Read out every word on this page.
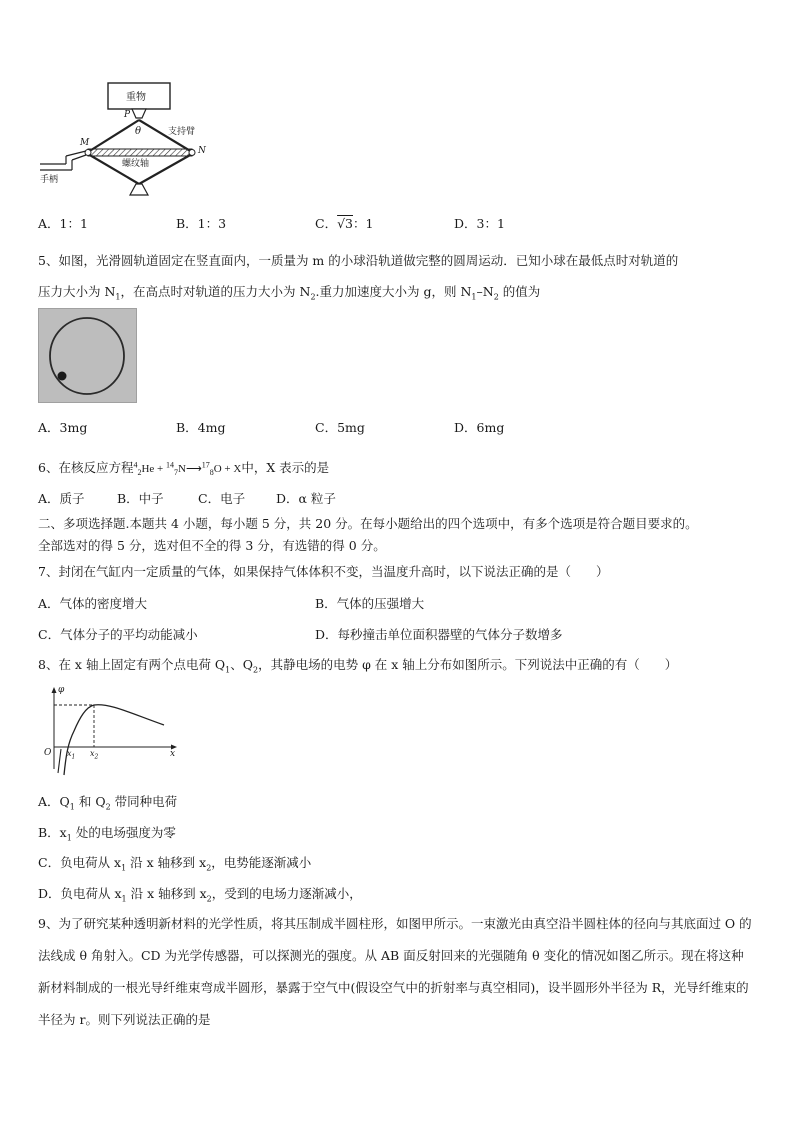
重物
P
θ	支持臂
M
N
螺纹轴
手柄
A．1：1	B．1：3	C．√3：1	D．3：1
5、如图，光滑圆轨道固定在竖直面内，一质量为 m 的小球沿轨道做完整的圆周运动．已知小球在最低点时对轨道的
压力大小为 $N_1$，在高点时对轨道的压力大小为 $N_2$.重力加速度大小为 g，则 $N_1-N_2$ 的值为
A．3mg	B．4mg	C．5mg	D．6mg
6、在核反应方程$^4_2$He + $^{14}_7$N⟶$^{17}_8$O + X中，X 表示的是
A．质子	B．中子	C．电子 D．α 粒子
二、多项选择题.本题共 4 小题，每小题 5 分，共 20 分。在每小题给出的四个选项中，有多个选项是符合题目要求的。
全部选对的得 5 分，选对但不全的得 3 分，有选错的得 0 分。
7、封闭在气缸内一定质量的气体，如果保持气体体积不变，当温度升高时，以下说法正确的是（　　）
A．气体的密度增大	B．气体的压强增大
C．气体分子的平均动能减小	D．每秒撞击单位面积器壁的气体分子数增多
8、在 x 轴上固定有两个点电荷 $Q_1$、$Q_2$，其静电场的电势 φ 在 x 轴上分布如图所示。下列说法中正确的有（　　）
φ
O	x
$x_1$ $x_2$
A．$Q_1$ 和 $Q_2$ 带同种电荷
B．$x_1$ 处的电场强度为零
C．负电荷从 $x_1$ 沿 x 轴移到 $x_2$，电势能逐渐减小
D．负电荷从 $x_1$ 沿 x 轴移到 $x_2$，受到的电场力逐渐减小，
9、为了研究某种透明新材料的光学性质，将其压制成半圆柱形，如图甲所示。一束激光由真空沿半圆柱体的径向与其底面过 O 的法线成 θ 角射入。CD 为光学传感器，可以探测光的强度。从 AB 面反射回来的光强随角 θ 变化的情况如图乙所示。现在将这种新材料制成的一根光导纤维束弯成半圆形，暴露于空气中(假设空气中的折射率与真空相同)，设半圆形外半径为 R，光导纤维束的半径为 r。则下列说法正确的是
